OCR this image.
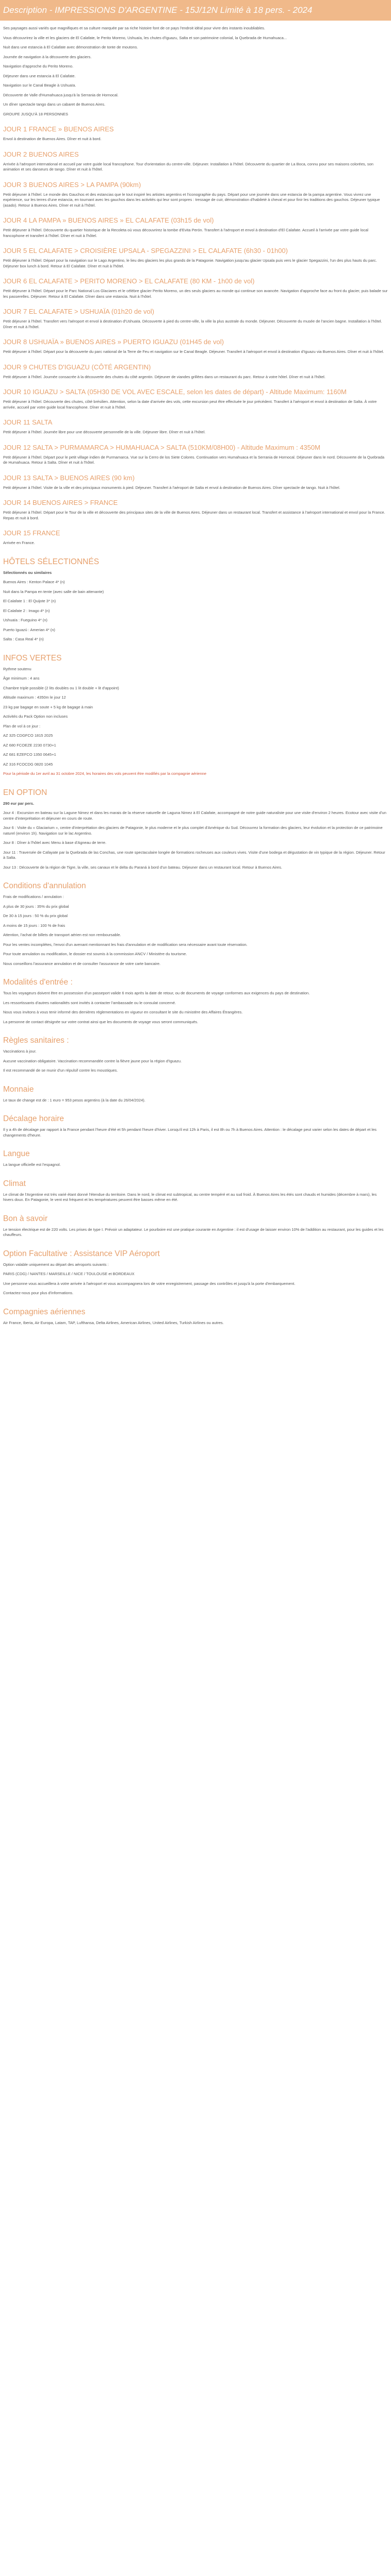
Description - IMPRESSIONS D'ARGENTINE - 15J/12N Limité à 18 pers. - 2024

Ses paysages aussi variés que magnifiques et sa culture marquée par sa riche histoire font de ce pays l'endroit idéal pour vivre des instants inoubliables.

Vous découvrirez la ville et les glaciers de El Calafate, le Perito Moreno, Ushuaïa, les chutes d'Iguazu, Salta et son patrimoine colonial, la Quebrada de Humahuaca...

Nuit dans une estancia à El Calafate avec démonstration de tonte de moutons.

Journée de navigation à la découverte des glaciers.

Navigation d'approche du Perito Moreno.

Déjeuner dans une estancia à El Calafate.

Navigation sur le Canal Beagle à Ushuaïa.

Découverte de Valle d'Humahuaca jusqu'à la Serrania de Hornocal.

Un dîner spectacle tango dans un cabaret de Buenos Aires.

GROUPE JUSQU'À 18 PERSONNES

JOUR 1 FRANCE » BUENOS AIRES

Envol à destination de Buenos Aires. Dîner et nuit à bord.

JOUR 2 BUENOS AIRES

Arrivée à l'aéroport international et accueil par votre guide local francophone. Tour d'orientation du centre-ville. Déjeuner. Installation à l'hôtel. Découverte du quartier de La Boca, connu pour ses maisons colorées, son animation et ses danseurs de tango. Dîner et nuit à l'hôtel.

JOUR 3 BUENOS AIRES > LA PAMPA (90km)

Petit déjeuner à l'hôtel. Le monde des Gauchos et des estancias que le tout inspiré les artistes argentins et l'iconographie du pays. Départ pour une journée dans une estancia de la pampa argentine. Vous vivrez une expérience, sur les terres d'une estancia, en tournant avec les gauchos dans les activités qui leur sont propres : tressage de cuir, démonstration d'habileté à cheval et pour finir les traditions des gauchos. Déjeuner typique (asado). Retour à Buenos Aires. Dîner et nuit à l'hôtel.

JOUR 4 LA PAMPA » BUENOS AIRES » EL CALAFATE (03h15 de vol)

Petit déjeuner à l'hôtel. Découverte du quartier historique de la Recoleta où vous découvrirez la tombe d'Evita Perón. Transfert à l'aéroport et envol à destination d'El Calafate. Accueil à l'arrivée par votre guide local francophone et transfert à l'hôtel. Dîner et nuit à l'hôtel.

JOUR 5 EL CALAFATE > CROISIÈRE UPSALA - SPEGAZZINI > EL CALAFATE (6h30 - 01h00)

Petit déjeuner à l'hôtel. Départ pour la navigation sur le Lago Argentino, le lieu des glaciers les plus grands de la Patagonie. Navigation jusqu'au glacier Upsala puis vers le glacier Spegazzini, l'un des plus hauts du parc. Déjeuner box lunch à bord. Retour à El Calafate. Dîner et nuit à l'hôtel.

JOUR 6 EL CALAFATE > PERITO MORENO > EL CALAFATE (80 KM - 1h00 de vol)

Petit déjeuner à l'hôtel. Départ pour le Parc National Los Glaciares et le célèbre glacier Perito Moreno, un des seuls glaciers au monde qui continue son avancée. Navigation d'approche face au front du glacier, puis balade sur les passerelles. Déjeuner. Retour à El Calafate. Dîner dans une estancia. Nuit à l'hôtel.

JOUR 7 EL CALAFATE > USHUAÏA (01h20 de vol)

Petit déjeuner à l'hôtel. Transfert vers l'aéroport et envol à destination d'Ushuaïa. Découverte à pied du centre-ville, la ville la plus australe du monde. Déjeuner. Découverte du musée de l'ancien bagne. Installation à l'hôtel. Dîner et nuit à l'hôtel.

JOUR 8 USHUAÏA » BUENOS AIRES » PUERTO IGUAZU (01H45 de vol)

Petit déjeuner à l'hôtel. Départ pour la découverte du parc national de la Terre de Feu et navigation sur le Canal Beagle. Déjeuner. Transfert à l'aéroport et envol à destination d'Iguazu via Buenos Aires. Dîner et nuit à l'hôtel.

JOUR 9 CHUTES D'IGUAZU (CÔTÉ ARGENTIN)

Petit déjeuner à l'hôtel. Journée consacrée à la découverte des chutes du côté argentin. Déjeuner de viandes grillées dans un restaurant du parc. Retour à votre hôtel. Dîner et nuit à l'hôtel.

JOUR 10 IGUAZU > SALTA (05H30 DE VOL AVEC ESCALE, selon les dates de départ) - Altitude Maximum: 1160M

Petit déjeuner à l'hôtel. Découverte des chutes, côté brésilien. Attention, selon la date d'arrivée des vols, cette excursion peut être effectuée le jour précédent. Transfert à l'aéroport et envol à destination de Salta. À votre arrivée, accueil par votre guide local francophone. Dîner et nuit à l'hôtel.

JOUR 11 SALTA

Petit déjeuner à l'hôtel. Journée libre pour une découverte personnelle de la ville. Déjeuner libre. Dîner et nuit à l'hôtel.

JOUR 12 SALTA > PURMAMARCA > HUMAHUACA > SALTA (510KM/08H00) - Altitude Maximum : 4350M

Petit déjeuner à l'hôtel. Départ pour le petit village indien de Purmamarca. Vue sur la Cerro de los Siete Colores. Continuation vers Humahuaca et la Serrania de Hornocal. Déjeuner dans le nord. Découverte de la Quebrada de Humahuaca. Retour à Salta. Dîner et nuit à l'hôtel.

JOUR 13 SALTA > BUENOS AIRES (90 km)

Petit déjeuner à l'hôtel. Visite de la ville et des principaux monuments à pied. Déjeuner. Transfert à l'aéroport de Salta et envol à destination de Buenos Aires. Dîner spectacle de tango. Nuit à l'hôtel.

JOUR 14 BUENOS AIRES > FRANCE

Petit déjeuner à l'hôtel. Départ pour le Tour de la ville et découverte des principaux sites de la ville de Buenos Aires. Déjeuner dans un restaurant local. Transfert et assistance à l'aéroport international et envol pour la France. Repas et nuit à bord.

JOUR 15 FRANCE

Arrivée en France.

HÔTELS SÉLECTIONNÉS

Sélectionnés ou similaires

Buenos Aires : Kenton Palace 4* (n)

Nuit dans la Pampa en tente (avec salle de bain attenante)

El Calafate 1 : El Quijote 3* (n)

El Calafate 2 : Imago 4* (n)

Ushuaïa : Fueguino 4* (n)

Puerto Iguazú : Amerian 4* (n)

Salta : Casa Real 4* (n)

INFOS VERTES

Rythme soutenu

Âge minimum : 4 ans

Chambre triple possible (2 lits doubles ou 1 lit double + lit d'appoint)

Altitude maximum : 4350m le jour 12

23 kg par bagage en soute + 5 kg de bagage à main

Activités du Pack Option non incluses

Plan de vol à ce jour :

AZ 325 CDGFCO 1815 2025

AZ 680 FCOEZE 2230 0730+1

AZ 681 EZEFCO 1350 0645+1

AZ 316 FCOCDG 0820 1045

Pour la période du 1er avril au 31 octobre 2024, les horaires des vols peuvent être modifiés par la compagnie aérienne

EN OPTION

290 eur par pers.

Jour 4 : Excursion en bateau sur la Lagune Nimez et dans les marais de la réserve naturelle de Laguna Nimez à El Calafate, accompagné de notre guide naturaliste pour une visite d'environ 2 heures. Ecotour avec visite d'un centre d'interprétation et déjeuner en cours de route.

Jour 6 : Visite du « Glaciarium », centre d'interprétation des glaciers de Patagonie, le plus moderne et le plus complet d'Amérique du Sud. Découvrez la formation des glaciers, leur évolution et la protection de ce patrimoine naturel (environ 1h). Navigation sur le lac Argentino.

Jour 8 : Dîner à l'hôtel avec Menu à base d'Agneau de terre.

Jour 11 : Traversée de Cafayate par la Quebrada de las Conchas, une route spectaculaire longée de formations rocheuses aux couleurs vives. Visite d'une bodega et dégustation de vin typique de la région. Déjeuner. Retour à Salta.

Jour 13 : Découverte de la région de Tigre, la ville, ses canaux et le delta du Paraná à bord d'un bateau. Déjeuner dans un restaurant local. Retour à Buenos Aires.

Conditions d'annulation

Frais de modifications / annulation :

A plus de 30 jours : 35% du prix global

De 30 à 15 jours : 50 % du prix global

A moins de 15 jours : 100 % de frais

Attention, l'achat de billets de transport aérien est non remboursable.

Pour les ventes incomplètes, l'envoi d'un avenant mentionnant les frais d'annulation et de modification sera nécessaire avant toute réservation.

Pour toute annulation ou modification, le dossier est soumis à la commission ANCV / Ministère du tourisme.

Nous conseillons l'assurance annulation et de consulter l'assurance de votre carte bancaire.

Modalités d'entrée :

Tous les voyageurs doivent être en possession d'un passeport valide 6 mois après la date de retour, ou de documents de voyage conformes aux exigences du pays de destination.

Les ressortissants d'autres nationalités sont invités à contacter l'ambassade ou le consulat concerné.

Nous vous invitons à vous tenir informé des dernières réglementations en vigueur en consultant le site du ministère des Affaires Étrangères.

La personne de contact désignée sur votre contrat ainsi que les documents de voyage vous seront communiqués.

Règles sanitaires :

Vaccinations à jour.

Aucune vaccination obligatoire. Vaccination recommandée contre la fièvre jaune pour la région d'Iguazu.

Il est recommandé de se munir d'un répulsif contre les moustiques.

Monnaie

Le taux de change est de : 1 euro = 953 pesos argentins (à la date du 26/04/2024).

Décalage horaire

Il y a 4h de décalage par rapport à la France pendant l'heure d'été et 5h pendant l'heure d'hiver. Lorsqu'il est 12h à Paris, il est 8h ou 7h à Buenos Aires. Attention : le décalage peut varier selon les dates de départ et les changements d'heure.

Langue

La langue officielle est l'espagnol.

Climat

Le climat de l'Argentine est très varié étant donné l'étendue du territoire. Dans le nord, le climat est subtropical, au centre tempéré et au sud froid. À Buenos Aires les étés sont chauds et humides (décembre à mars), les hivers doux. En Patagonie, le vent est fréquent et les températures peuvent être basses même en été.

Bon à savoir

Le tension électrique est de 220 volts. Les prises de type I. Prévoir un adaptateur. Le pourboire est une pratique courante en Argentine : il est d'usage de laisser environ 10% de l'addition au restaurant, pour les guides et les chauffeurs.

Option Facultative : Assistance VIP Aéroport

Option valable uniquement au départ des aéroports suivants :

PARIS (CDG) / NANTES / MARSEILLE / NICE / TOULOUSE et BORDEAUX

Une personne vous accueillera à votre arrivée à l'aéroport et vous accompagnera lors de votre enregistrement, passage des contrôles et jusqu'à la porte d'embarquement.

Contactez-nous pour plus d'informations.

Compagnies aériennes

Air France, Iberia, Air Europa, Latam, TAP, Lufthansa, Delta Airlines, American Airlines, United Airlines, Turkish Airlines ou autres.
